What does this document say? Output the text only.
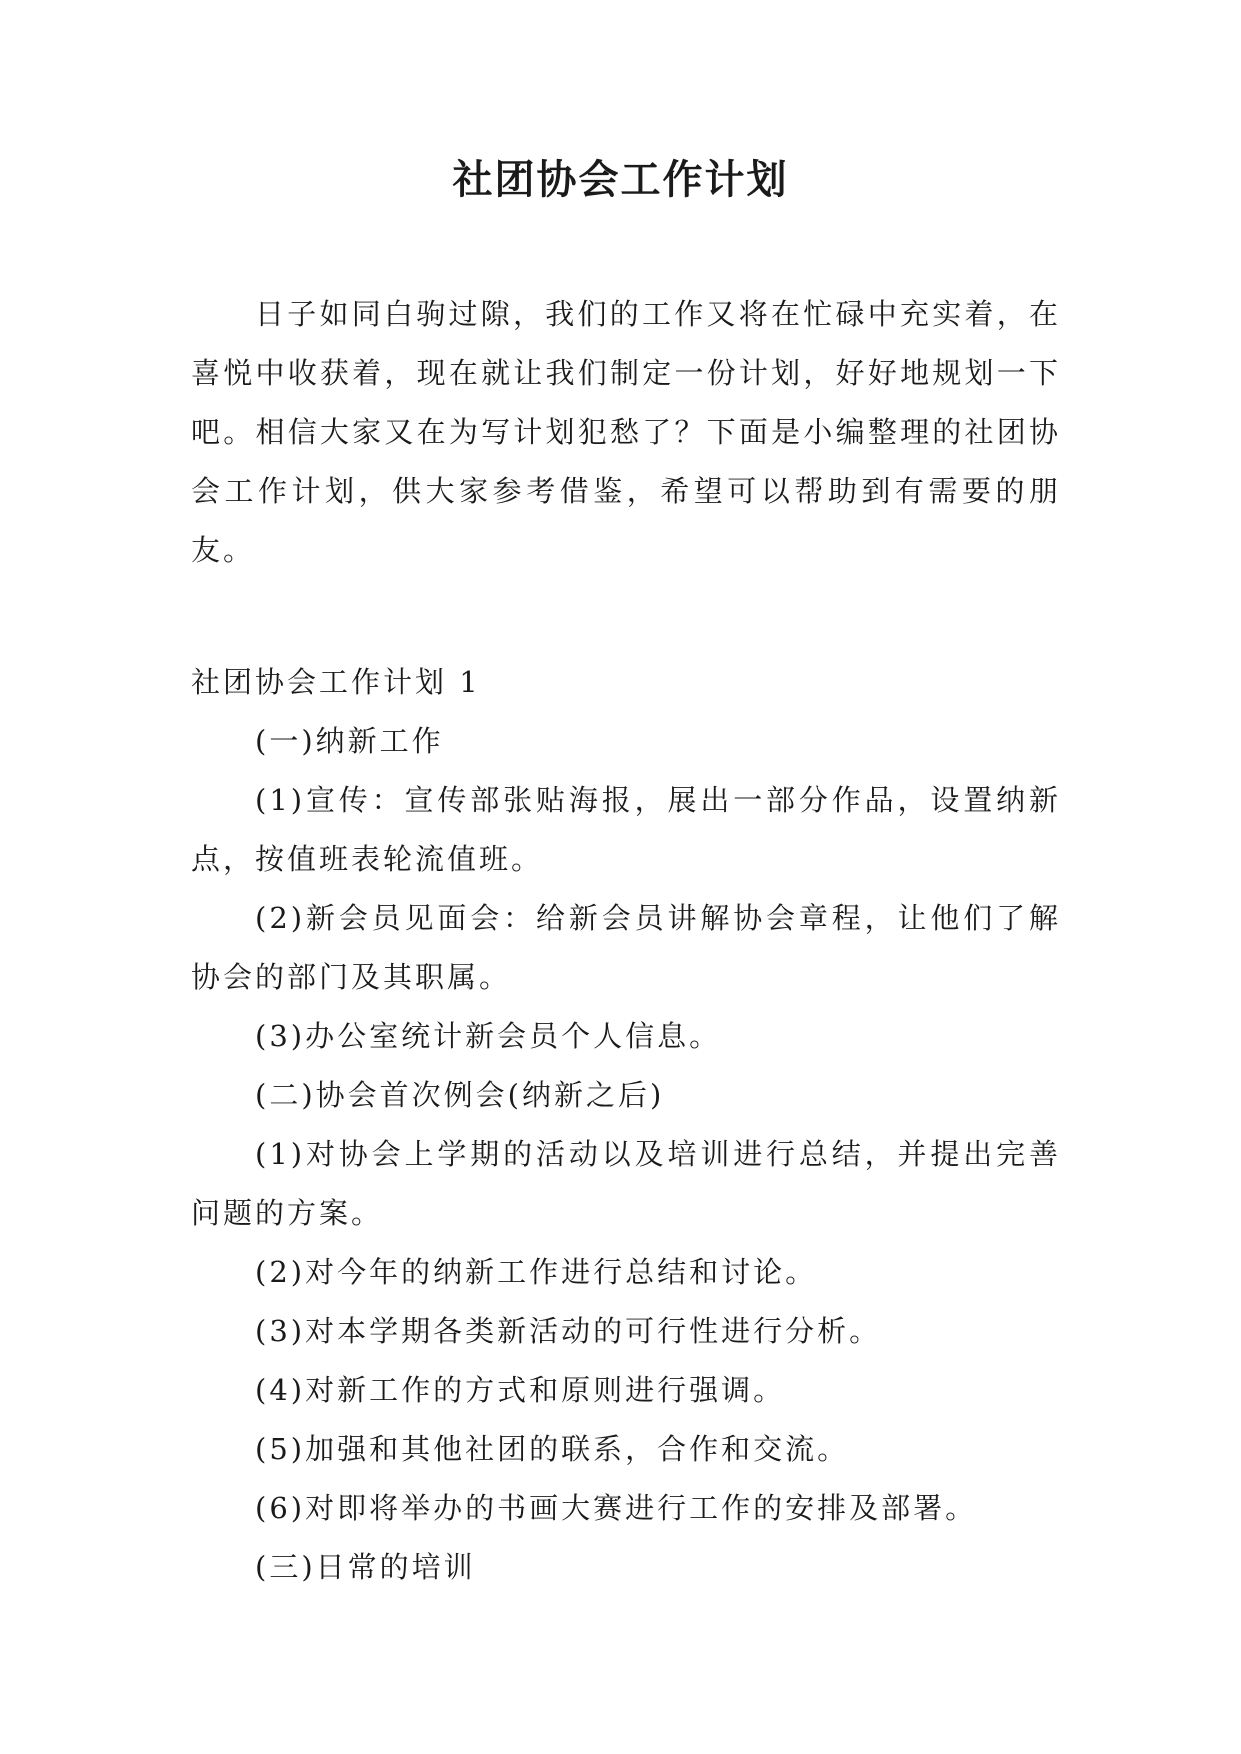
社团协会工作计划

日子如同白驹过隙，我们的工作又将在忙碌中充实着，在喜悦中收获着，现在就让我们制定一份计划，好好地规划一下吧。相信大家又在为写计划犯愁了？下面是小编整理的社团协会工作计划，供大家参考借鉴，希望可以帮助到有需要的朋友。

社团协会工作计划 1

(一)纳新工作

(1)宣传：宣传部张贴海报，展出一部分作品，设置纳新点，按值班表轮流值班。

(2)新会员见面会：给新会员讲解协会章程，让他们了解协会的部门及其职属。

(3)办公室统计新会员个人信息。

(二)协会首次例会(纳新之后)

(1)对协会上学期的活动以及培训进行总结，并提出完善问题的方案。

(2)对今年的纳新工作进行总结和讨论。

(3)对本学期各类新活动的可行性进行分析。

(4)对新工作的方式和原则进行强调。

(5)加强和其他社团的联系，合作和交流。

(6)对即将举办的书画大赛进行工作的安排及部署。

(三)日常的培训
